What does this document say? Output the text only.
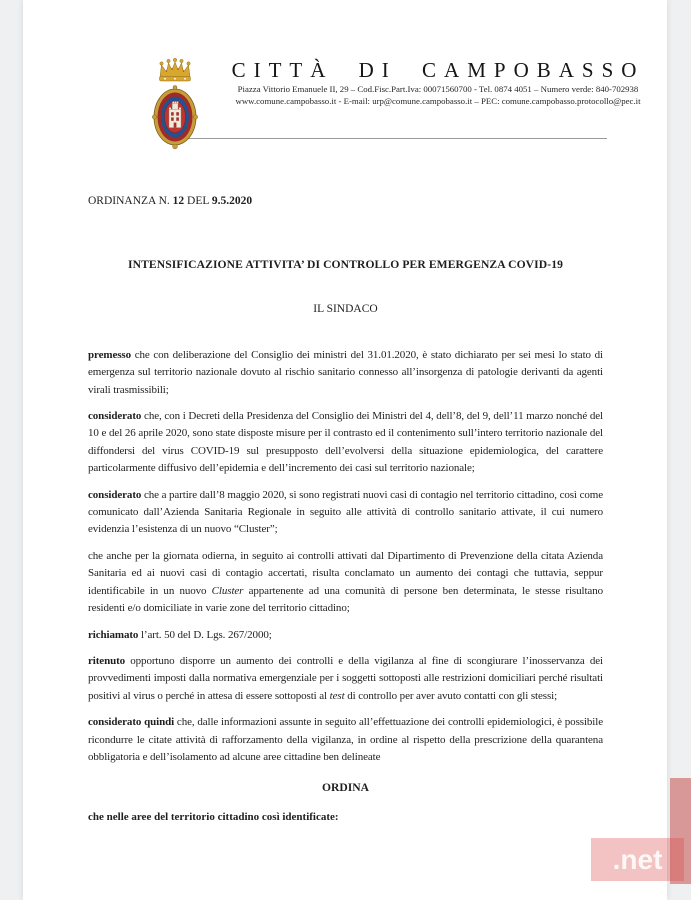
CITTÀ DI CAMPOBASSO
Piazza Vittorio Emanuele II, 29 – Cod.Fisc.Part.Iva: 00071560700 - Tel. 0874 4051 – Numero verde: 840-702938
www.comune.campobasso.it - E-mail: urp@comune.campobasso.it – PEC: comune.campobasso.protocollo@pec.it
ORDINANZA N. 12 DEL 9.5.2020
INTENSIFICAZIONE ATTIVITA’ DI CONTROLLO PER EMERGENZA COVID-19
IL SINDACO

premesso che con deliberazione del Consiglio dei ministri del 31.01.2020, è stato dichiarato per sei mesi lo stato di emergenza sul territorio nazionale dovuto al rischio sanitario connesso all’insorgenza di patologie derivanti da agenti virali trasmissibili;

considerato che, con i Decreti della Presidenza del Consiglio dei Ministri del 4, dell’8, del 9, dell’11 marzo nonché del 10 e del 26 aprile 2020, sono state disposte misure per il contrasto ed il contenimento sull’intero territorio nazionale del diffondersi del virus COVID-19 sul presupposto dell’evolversi della situazione epidemiologica, del carattere particolarmente diffusivo dell’epidemia e dell’incremento dei casi sul territorio nazionale;

considerato che a partire dall’8 maggio 2020, si sono registrati nuovi casi di contagio nel territorio cittadino, così come comunicato dall’Azienda Sanitaria Regionale in seguito alle attività di controllo sanitario attivate, il cui numero evidenzia l’esistenza di un nuovo “Cluster”;

che anche per la giornata odierna, in seguito ai controlli attivati dal Dipartimento di Prevenzione della citata Azienda Sanitaria ed ai nuovi casi di contagio accertati, risulta conclamato un aumento dei contagi che tuttavia, seppur identificabile in un nuovo Cluster appartenente ad una comunità di persone ben determinata, le stesse risultano residenti e/o domiciliate in varie zone del territorio cittadino;

richiamato l’art. 50 del D. Lgs. 267/2000;

ritenuto opportuno disporre un aumento dei controlli e della vigilanza al fine di scongiurare l’inosservanza dei provvedimenti imposti dalla normativa emergenziale per i soggetti sottoposti alle restrizioni domiciliari perché risultati positivi al virus o perché in attesa di essere sottoposti al test di controllo per aver avuto contatti con gli stessi;

considerato quindi che, dalle informazioni assunte in seguito all’effettuazione dei controlli epidemiologici, è possibile ricondurre le citate attività di rafforzamento della vigilanza, in ordine al rispetto della prescrizione della quarantena obbligatoria e dell’isolamento ad alcune aree cittadine ben delineate

ORDINA
che nelle aree del territorio cittadino così identificate:
.net
